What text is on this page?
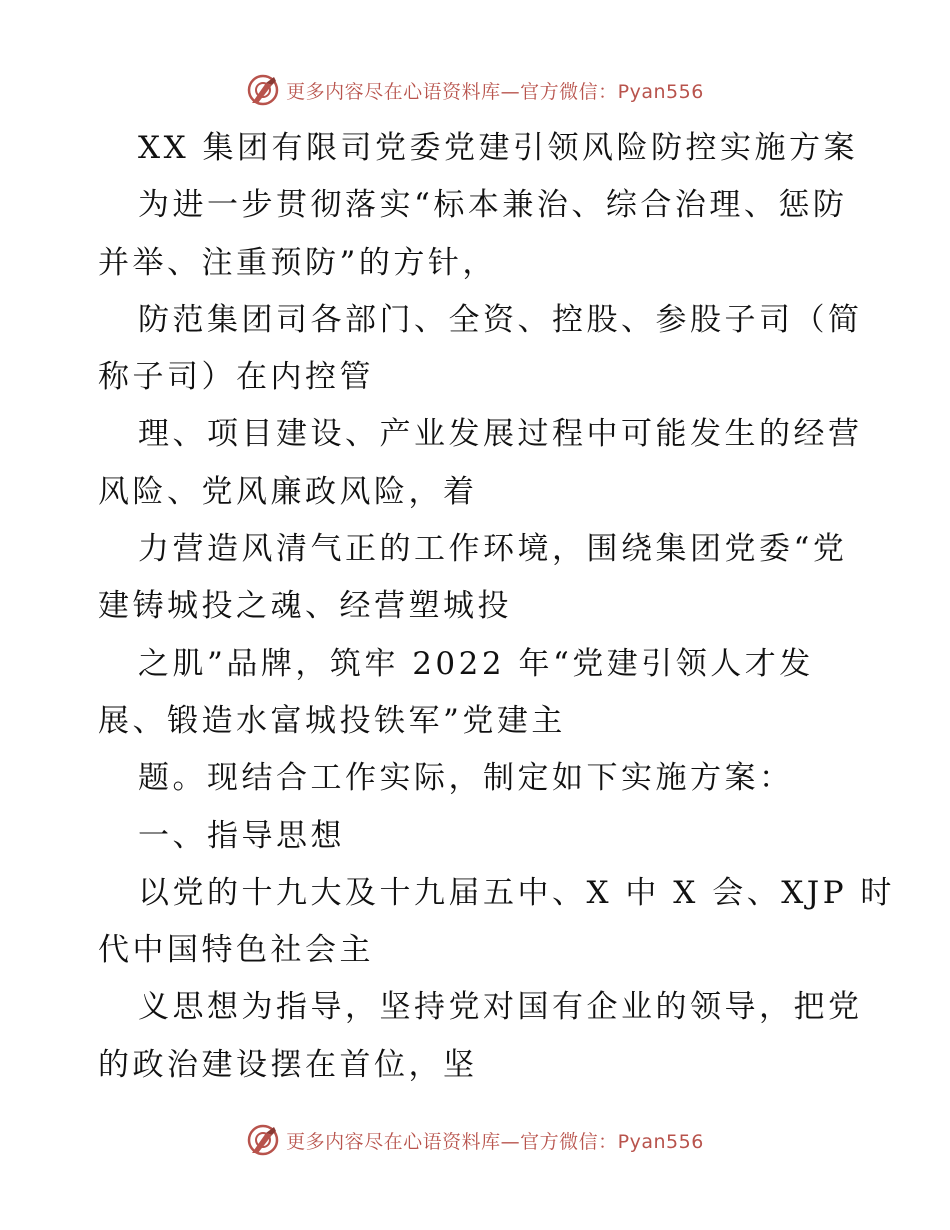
更多内容尽在心语资料库—官方微信：Pyan556
XX 集团有限司党委党建引领风险防控实施方案
为进一步贯彻落实“标本兼治、综合治理、惩防
并举、注重预防”的方针，
防范集团司各部门、全资、控股、参股子司（简
称子司）在内控管
理、项目建设、产业发展过程中可能发生的经营
风险、党风廉政风险，着
力营造风清气正的工作环境，围绕集团党委“党
建铸城投之魂、经营塑城投
之肌”品牌，筑牢 2022 年“党建引领人才发
展、锻造水富城投铁军”党建主
题。现结合工作实际，制定如下实施方案：
一、指导思想
以党的十九大及十九届五中、X 中 X 会、XJP 时
代中国特色社会主
义思想为指导，坚持党对国有企业的领导，把党
的政治建设摆在首位，坚
更多内容尽在心语资料库—官方微信：Pyan556
